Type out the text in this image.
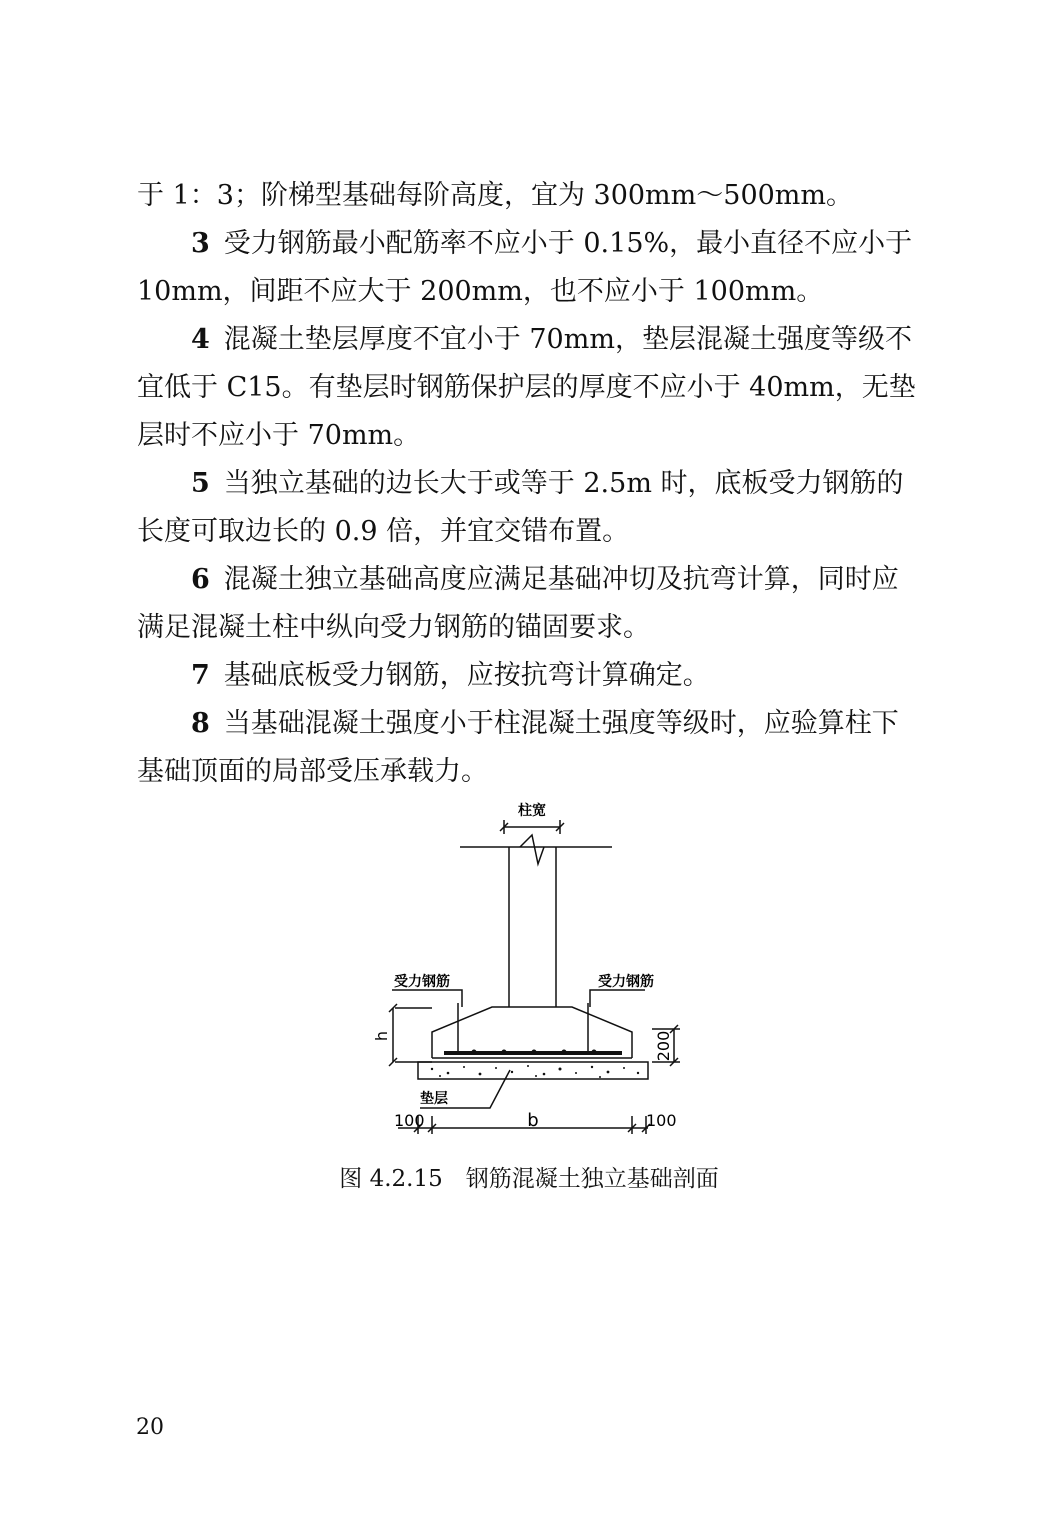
于 1：3；阶梯型基础每阶高度，宜为 300mm～500mm。

3 受力钢筋最小配筋率不应小于 0.15%，最小直径不应小于
10mm，间距不应大于 200mm，也不应小于 100mm。

4 混凝土垫层厚度不宜小于 70mm，垫层混凝土强度等级不
宜低于 C15。有垫层时钢筋保护层的厚度不应小于 40mm，无垫
层时不应小于 70mm。

5 当独立基础的边长大于或等于 2.5m 时，底板受力钢筋的
长度可取边长的 0.9 倍，并宜交错布置。

6 混凝土独立基础高度应满足基础冲切及抗弯计算，同时应
满足混凝土柱中纵向受力钢筋的锚固要求。

7 基础底板受力钢筋，应按抗弯计算确定。

8 当基础混凝土强度小于柱混凝土强度等级时，应验算柱下
基础顶面的局部受压承载力。

柱宽
受力钢筋	受力钢筋
h	200
垫层
100	b	100
图 4.2.15　钢筋混凝土独立基础剖面
20
